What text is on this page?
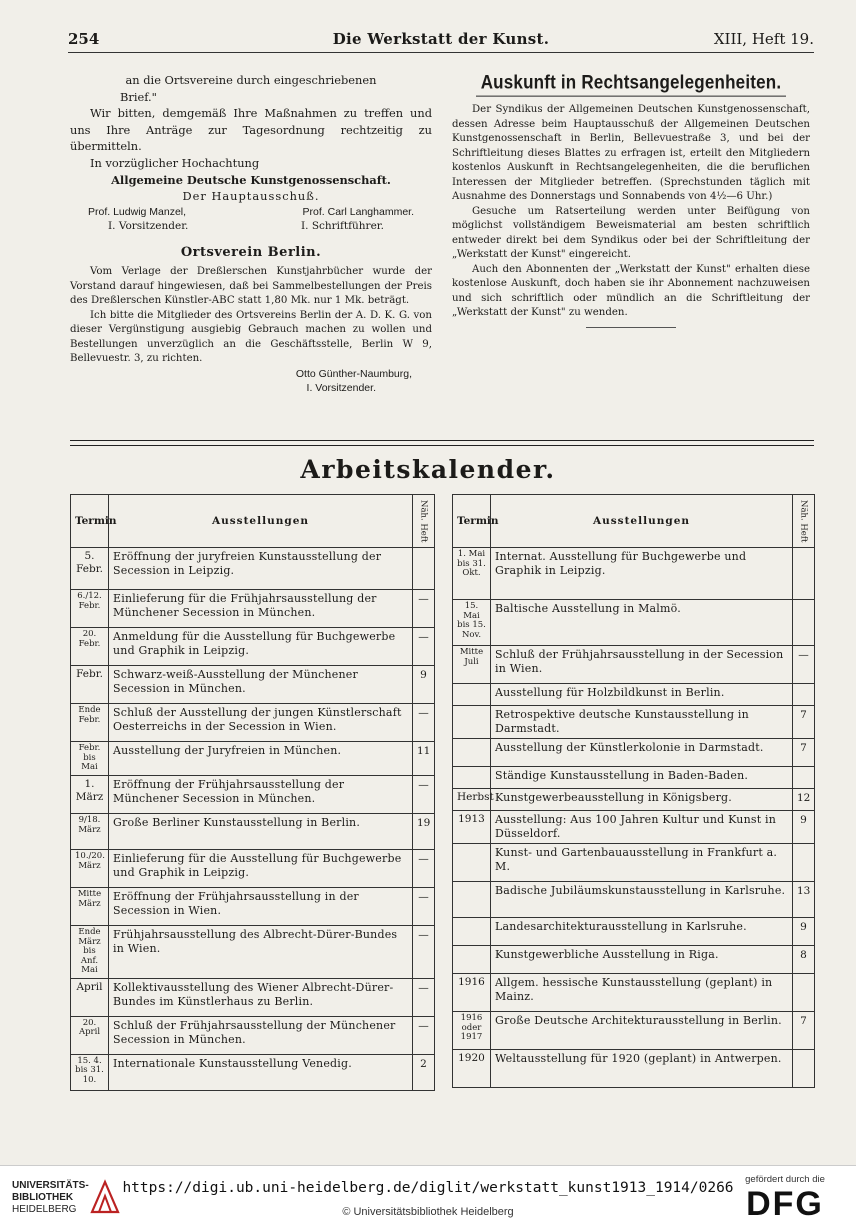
254	Die Werkstatt der Kunst.	XIII, Heft 19.

an die Ortsvereine durch eingeschriebenen

Brief."

Wir bitten, demgemäß Ihre Maßnahmen zu treffen und uns Ihre Anträge zur Tagesordnung rechtzeitig zu übermitteln.

In vorzüglicher Hochachtung

Allgemeine Deutsche Kunstgenossenschaft.

Der Hauptausschuß.

Prof. Ludwig Manzel,	Prof. Carl Langhammer.
I. Vorsitzender.	I. Schriftführer.

Ortsverein Berlin.

Vom Verlage der Dreßlerschen Kunstjahrbücher wurde der Vorstand darauf hingewiesen, daß bei Sammelbestellungen der Preis des Dreßlerschen Künstler-ABC statt 1,80 Mk. nur 1 Mk. beträgt.

Ich bitte die Mitglieder des Ortsvereins Berlin der A. D. K. G. von dieser Vergünstigung ausgiebig Gebrauch machen zu wollen und Bestellungen unverzüglich an die Geschäftsstelle, Berlin W 9, Bellevuestr. 3, zu richten.

Otto Günther-Naumburg,
I. Vorsitzender.
Auskunft in Rechtsangelegenheiten.

Der Syndikus der Allgemeinen Deutschen Kunstgenossenschaft, dessen Adresse beim Hauptausschuß der Allgemeinen Deutschen Kunstgenossenschaft in Berlin, Bellevuestraße 3, und bei der Schriftleitung dieses Blattes zu erfragen ist, erteilt den Mitgliedern kostenlos Auskunft in Rechtsangelegenheiten, die die beruflichen Interessen der Mitglieder betreffen. (Sprechstunden täglich mit Ausnahme des Donnerstags und Sonnabends von 4½—6 Uhr.)

Gesuche um Ratserteilung werden unter Beifügung von möglichst vollständigem Beweismaterial am besten schriftlich entweder direkt bei dem Syndikus oder bei der Schriftleitung der „Werkstatt der Kunst" eingereicht.

Auch den Abonnenten der „Werkstatt der Kunst" erhalten diese kostenlose Auskunft, doch haben sie ihr Abonnement nachzuweisen und sich schriftlich oder mündlich an die Schriftleitung der „Werkstatt der Kunst" zu wenden.

Arbeitskalender.
Termin	Ausstellungen	Näh. Heft
5. Febr.	Eröffnung der juryfreien Kunstausstellung der Secession in Leipzig.	
6./12. Febr.	Einlieferung für die Frühjahrsausstellung der Münchener Secession in München.	—
20. Febr.	Anmeldung für die Ausstellung für Buchgewerbe und Graphik in Leipzig.	—
Febr.	Schwarz-weiß-Ausstellung der Münchener Secession in München.	9
Ende Febr.	Schluß der Ausstellung der jungen Künstlerschaft Oesterreichs in der Secession in Wien.	—
Febr. bis Mai	Ausstellung der Juryfreien in München.	11
1. März	Eröffnung der Frühjahrsausstellung der Münchener Secession in München.	—
9/18. März	Große Berliner Kunstausstellung in Berlin.	19
10./20. März	Einlieferung für die Ausstellung für Buchgewerbe und Graphik in Leipzig.	—
Mitte März	Eröffnung der Frühjahrsausstellung in der Secession in Wien.	—
Ende März bis Anf. Mai	Frühjahrsausstellung des Albrecht-Dürer-Bundes in Wien.	—
April	Kollektivausstellung des Wiener Albrecht-Dürer-Bundes im Künstlerhaus zu Berlin.	—
20. April	Schluß der Frühjahrsausstellung der Münchener Secession in München.	—
15. 4. bis 31. 10.	Internationale Kunstausstellung Venedig.	2
Termin	Ausstellungen	Näh. Heft
1. Mai bis 31. Okt.	Internat. Ausstellung für Buchgewerbe und Graphik in Leipzig.	
15. Mai bis 15. Nov.	Baltische Ausstellung in Malmö.	
Mitte Juli	Schluß der Frühjahrsausstellung in der Secession in Wien.	—
	Ausstellung für Holzbildkunst in Berlin.	
	Retrospektive deutsche Kunstausstellung in Darmstadt.	7
	Ausstellung der Künstlerkolonie in Darmstadt.	7
	Ständige Kunstausstellung in Baden-Baden.	
Herbst	Kunstgewerbeausstellung in Königsberg.	12
1913	Ausstellung: Aus 100 Jahren Kultur und Kunst in Düsseldorf.	9
	Kunst- und Gartenbauausstellung in Frankfurt a. M.	
	Badische Jubiläumskunstausstellung in Karlsruhe.	13
	Landesarchitekturausstellung in Karlsruhe.	9
	Kunstgewerbliche Ausstellung in Riga.	8
1916	Allgem. hessische Kunstausstellung (geplant) in Mainz.	
1916 oder 1917	Große Deutsche Architekturausstellung in Berlin.	7
1920	Weltausstellung für 1920 (geplant) in Antwerpen.	
UNIVERSITÄTS-
BIBLIOTHEK
HEIDELBERG
https://digi.ub.uni-heidelberg.de/diglit/werkstatt_kunst1913_1914/0266
© Universitätsbibliothek Heidelberg
gefördert durch die
DFG
